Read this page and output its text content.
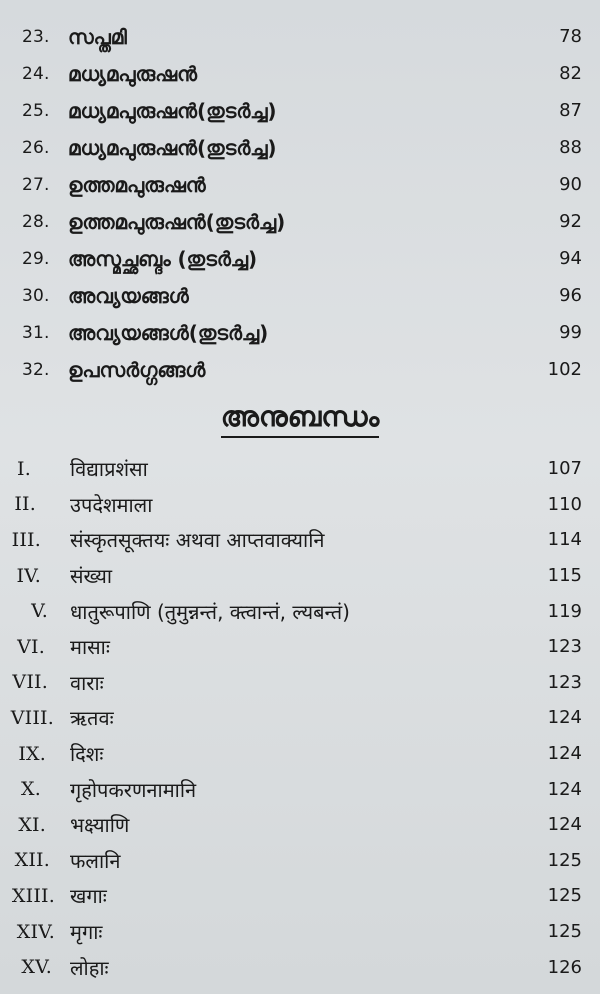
23. സപ്തമി	78
24. മധ്യമപുരുഷൻ	82
25. മധ്യമപുരുഷൻ(തുടർച്ച)	87
26. മധ്യമപുരുഷൻ(തുടർച്ച)	88
27. ഉത്തമപുരുഷൻ	90
28. ഉത്തമപുരുഷൻ(തുടർച്ച)	92
29. അസ്മച്ഛബ്ദം (തുടർച്ച)	94
30. അവ്യയങ്ങൾ	96
31. അവ്യയങ്ങൾ(തുടർച്ച)	99
32. ഉപസർഗ്ഗങ്ങൾ	102
അനുബന്ധം
I. विद्याप्रशंसा	107
II. उपदेशमाला	110
III. संस्कृतसूक्तयः अथवा आप्तवाक्यानि	114
IV. संख्या	115
V. धातुरूपाणि (तुमुन्नन्तं, क्त्वान्तं, ल्यबन्तं)	119
VI. मासाः	123
VII. वाराः	123
VIII. ऋतवः	124
IX. दिशः	124
X. गृहोपकरणनामानि	124
XI. भक्ष्याणि	124
XII. फलानि	125
XIII. खगाः	125
XIV. मृगाः	125
XV. लोहाः	126
